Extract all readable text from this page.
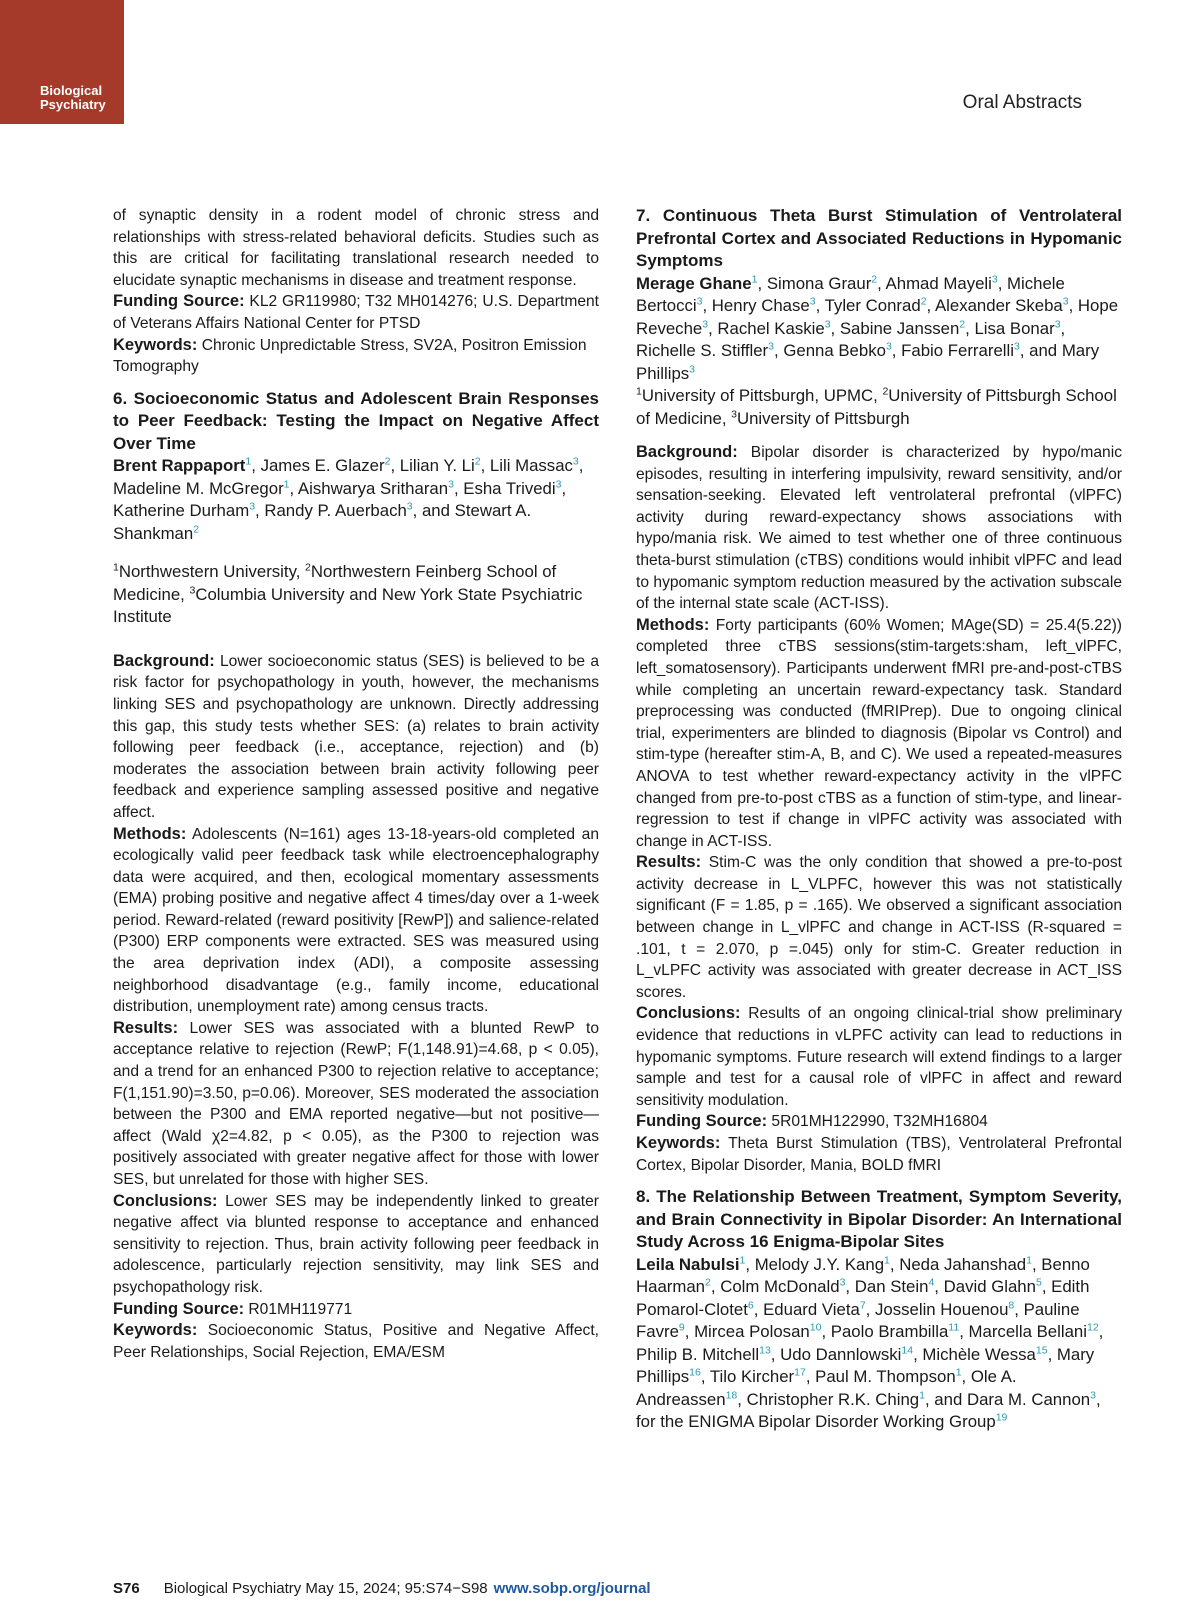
Biological
Psychiatry	Oral Abstracts

of synaptic density in a rodent model of chronic stress and relationships with stress-related behavioral deficits. Studies such as this are critical for facilitating translational research needed to elucidate synaptic mechanisms in disease and treatment response.

Funding Source: KL2 GR119980; T32 MH014276; U.S. Department of Veterans Affairs National Center for PTSD

Keywords: Chronic Unpredictable Stress, SV2A, Positron Emission Tomography

6. Socioeconomic Status and Adolescent Brain Responses to Peer Feedback: Testing the Impact on Negative Affect Over Time

Brent Rappaport$^1$, James E. Glazer$^2$, Lilian Y. Li$^2$, Lili Massac$^3$, Madeline M. McGregor$^1$, Aishwarya Sritharan$^3$, Esha Trivedi$^3$, Katherine Durham$^3$, Randy P. Auerbach$^3$, and Stewart A. Shankman$^2$

$^1$Northwestern University, $^2$Northwestern Feinberg School of Medicine, $^3$Columbia University and New York State Psychiatric Institute

Background: Lower socioeconomic status (SES) is believed to be a risk factor for psychopathology in youth, however, the mechanisms linking SES and psychopathology are unknown. Directly addressing this gap, this study tests whether SES: (a) relates to brain activity following peer feedback (i.e., acceptance, rejection) and (b) moderates the association between brain activity following peer feedback and experience sampling assessed positive and negative affect.

Methods: Adolescents (N=161) ages 13-18-years-old completed an ecologically valid peer feedback task while electroencephalography data were acquired, and then, ecological momentary assessments (EMA) probing positive and negative affect 4 times/day over a 1-week period. Reward-related (reward positivity [RewP]) and salience-related (P300) ERP components were extracted. SES was measured using the area deprivation index (ADI), a composite assessing neighborhood disadvantage (e.g., family income, educational distribution, unemployment rate) among census tracts.

Results: Lower SES was associated with a blunted RewP to acceptance relative to rejection (RewP; F(1,148.91)=4.68, p < 0.05), and a trend for an enhanced P300 to rejection relative to acceptance; F(1,151.90)=3.50, p=0.06). Moreover, SES moderated the association between the P300 and EMA reported negative—but not positive—affect (Wald χ2=4.82, p < 0.05), as the P300 to rejection was positively associated with greater negative affect for those with lower SES, but unrelated for those with higher SES.

Conclusions: Lower SES may be independently linked to greater negative affect via blunted response to acceptance and enhanced sensitivity to rejection. Thus, brain activity following peer feedback in adolescence, particularly rejection sensitivity, may link SES and psychopathology risk.

Funding Source: R01MH119771

Keywords: Socioeconomic Status, Positive and Negative Affect, Peer Relationships, Social Rejection, EMA/ESM

7. Continuous Theta Burst Stimulation of Ventrolateral Prefrontal Cortex and Associated Reductions in Hypomanic Symptoms

Merage Ghane$^1$, Simona Graur$^2$, Ahmad Mayeli$^3$, Michele Bertocci$^3$, Henry Chase$^3$, Tyler Conrad$^2$, Alexander Skeba$^3$, Hope Reveche$^3$, Rachel Kaskie$^3$, Sabine Janssen$^2$, Lisa Bonar$^3$, Richelle S. Stiffler$^3$, Genna Bebko$^3$, Fabio Ferrarelli$^3$, and Mary Phillips$^3$

$^1$University of Pittsburgh, UPMC, $^2$University of Pittsburgh School of Medicine, $^3$University of Pittsburgh

Background: Bipolar disorder is characterized by hypo/manic episodes, resulting in interfering impulsivity, reward sensitivity, and/or sensation-seeking. Elevated left ventrolateral prefrontal (vlPFC) activity during reward-expectancy shows associations with hypo/mania risk. We aimed to test whether one of three continuous theta-burst stimulation (cTBS) conditions would inhibit vlPFC and lead to hypomanic symptom reduction measured by the activation subscale of the internal state scale (ACT-ISS).

Methods: Forty participants (60% Women; MAge(SD) = 25.4(5.22)) completed three cTBS sessions(stim-targets:sham, left_vlPFC, left_somatosensory). Participants underwent fMRI pre-and-post-cTBS while completing an uncertain reward-expectancy task. Standard preprocessing was conducted (fMRIPrep). Due to ongoing clinical trial, experimenters are blinded to diagnosis (Bipolar vs Control) and stim-type (hereafter stim-A, B, and C). We used a repeated-measures ANOVA to test whether reward-expectancy activity in the vlPFC changed from pre-to-post cTBS as a function of stim-type, and linear-regression to test if change in vlPFC activity was associated with change in ACT-ISS.

Results: Stim-C was the only condition that showed a pre-to-post activity decrease in L_VLPFC, however this was not statistically significant (F = 1.85, p = .165). We observed a significant association between change in L_vlPFC and change in ACT-ISS (R-squared = .101, t = 2.070, p =.045) only for stim-C. Greater reduction in L_vLPFC activity was associated with greater decrease in ACT_ISS scores.

Conclusions: Results of an ongoing clinical-trial show preliminary evidence that reductions in vLPFC activity can lead to reductions in hypomanic symptoms. Future research will extend findings to a larger sample and test for a causal role of vlPFC in affect and reward sensitivity modulation.

Funding Source: 5R01MH122990, T32MH16804

Keywords: Theta Burst Stimulation (TBS), Ventrolateral Prefrontal Cortex, Bipolar Disorder, Mania, BOLD fMRI

8. The Relationship Between Treatment, Symptom Severity, and Brain Connectivity in Bipolar Disorder: An International Study Across 16 Enigma-Bipolar Sites

Leila Nabulsi$^1$, Melody J.Y. Kang$^1$, Neda Jahanshad$^1$, Benno Haarman$^2$, Colm McDonald$^3$, Dan Stein$^4$, David Glahn$^5$, Edith Pomarol-Clotet$^6$, Eduard Vieta$^7$, Josselin Houenou$^8$, Pauline Favre$^9$, Mircea Polosan$^{10}$, Paolo Brambilla$^{11}$, Marcella Bellani$^{12}$, Philip B. Mitchell$^{13}$, Udo Dannlowski$^{14}$, Michèle Wessa$^{15}$, Mary Phillips$^{16}$, Tilo Kircher$^{17}$, Paul M. Thompson$^1$, Ole A. Andreassen$^{18}$, Christopher R.K. Ching$^1$, and Dara M. Cannon$^3$, for the ENIGMA Bipolar Disorder Working Group$^{19}$

S76 Biological Psychiatry May 15, 2024; 95:S74−S98 www.sobp.org/journal
